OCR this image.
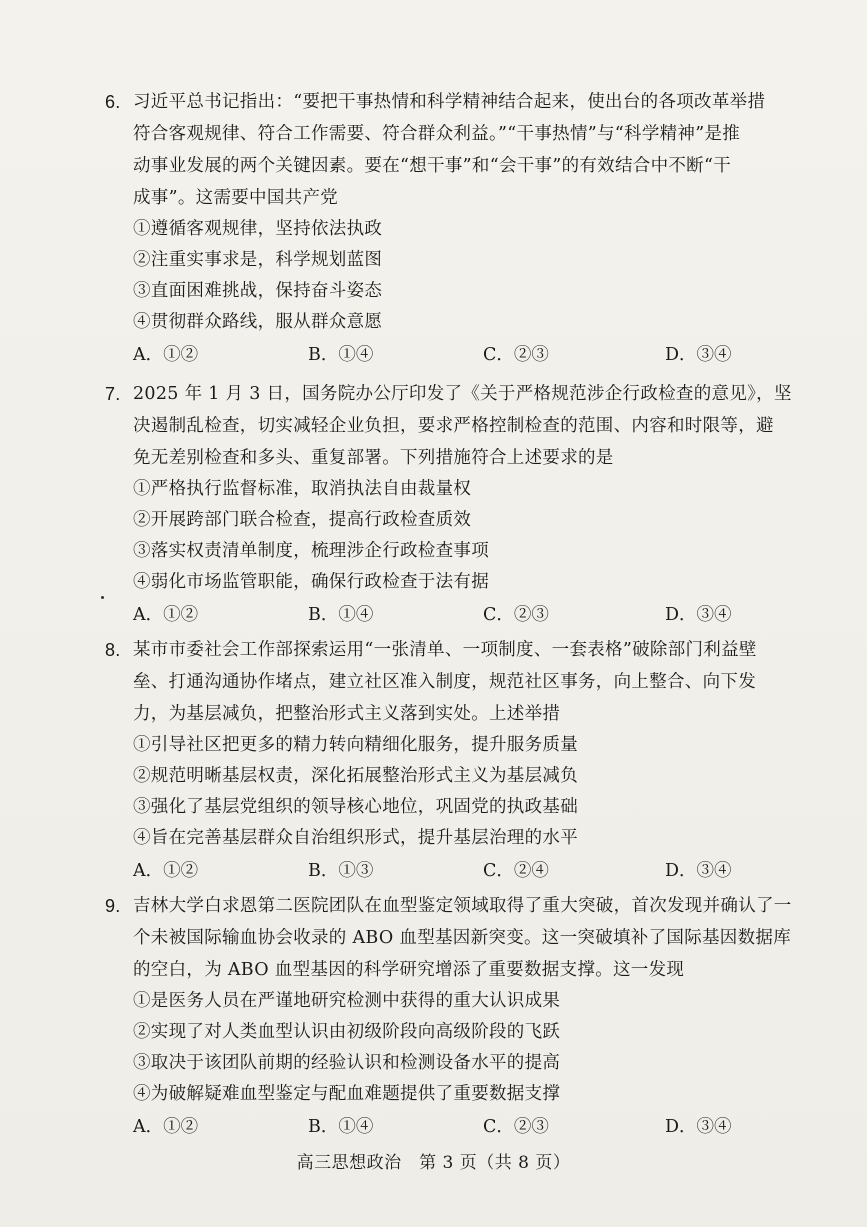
6. 习近平总书记指出：“要把干事热情和科学精神结合起来，使出台的各项改革举措
符合客观规律、符合工作需要、符合群众利益。”“干事热情”与“科学精神”是推
动事业发展的两个关键因素。要在“想干事”和“会干事”的有效结合中不断“干
成事”。这需要中国共产党
①遵循客观规律，坚持依法执政
②注重实事求是，科学规划蓝图
③直面困难挑战，保持奋斗姿态
④贯彻群众路线，服从群众意愿
A．①②	B．①④	C．②③	D．③④
7. 2025 年 1 月 3 日，国务院办公厅印发了《关于严格规范涉企行政检查的意见》，坚
决遏制乱检查，切实减轻企业负担，要求严格控制检查的范围、内容和时限等，避
免无差别检查和多头、重复部署。下列措施符合上述要求的是
①严格执行监督标准，取消执法自由裁量权
②开展跨部门联合检查，提高行政检查质效
③落实权责清单制度，梳理涉企行政检查事项
④弱化市场监管职能，确保行政检查于法有据
A．①②	B．①④	C．②③	D．③④
8. 某市市委社会工作部探索运用“一张清单、一项制度、一套表格”破除部门利益壁
垒、打通沟通协作堵点，建立社区准入制度，规范社区事务，向上整合、向下发
力，为基层减负，把整治形式主义落到实处。上述举措
①引导社区把更多的精力转向精细化服务，提升服务质量
②规范明晰基层权责，深化拓展整治形式主义为基层减负
③强化了基层党组织的领导核心地位，巩固党的执政基础
④旨在完善基层群众自治组织形式，提升基层治理的水平
A．①②	B．①③	C．②④	D．③④
9. 吉林大学白求恩第二医院团队在血型鉴定领域取得了重大突破，首次发现并确认了一
个未被国际输血协会收录的 ABO 血型基因新突变。这一突破填补了国际基因数据库
的空白，为 ABO 血型基因的科学研究增添了重要数据支撑。这一发现
①是医务人员在严谨地研究检测中获得的重大认识成果
②实现了对人类血型认识由初级阶段向高级阶段的飞跃
③取决于该团队前期的经验认识和检测设备水平的提高
④为破解疑难血型鉴定与配血难题提供了重要数据支撑
A．①②	B．①④	C．②③	D．③④
高三思想政治　第 3 页（共 8 页）
